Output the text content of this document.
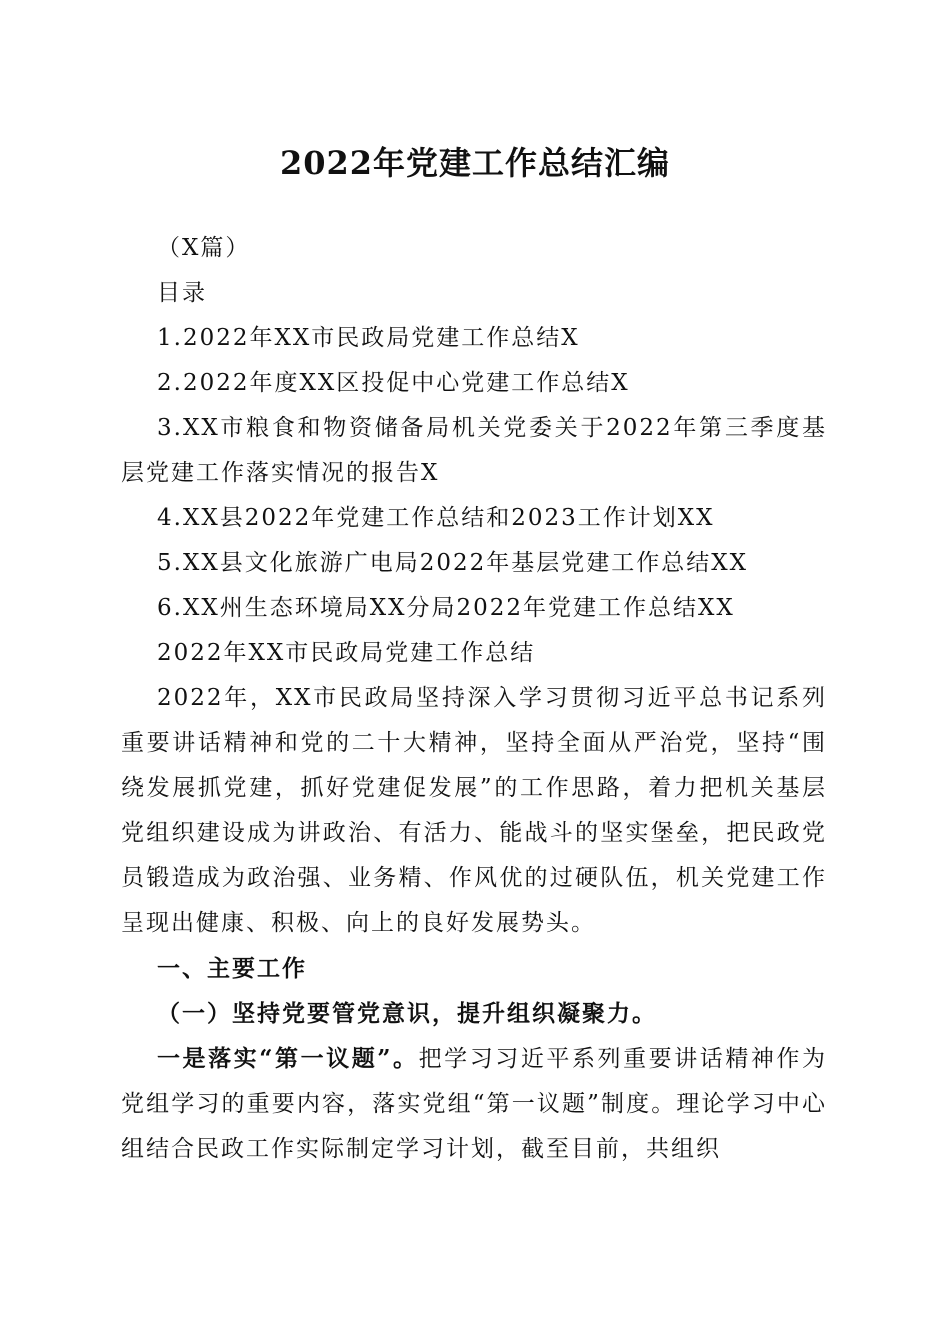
2022年党建工作总结汇编

（X篇）

目录

1.2022年XX市民政局党建工作总结X

2.2022年度XX区投促中心党建工作总结X

3.XX市粮食和物资储备局机关党委关于2022年第三季度基层党建工作落实情况的报告X

4.XX县2022年党建工作总结和2023工作计划XX

5.XX县文化旅游广电局2022年基层党建工作总结XX

6.XX州生态环境局XX分局2022年党建工作总结XX

2022年XX市民政局党建工作总结

2022年，XX市民政局坚持深入学习贯彻习近平总书记系列重要讲话精神和党的二十大精神，坚持全面从严治党，坚持“围绕发展抓党建，抓好党建促发展”的工作思路，着力把机关基层党组织建设成为讲政治、有活力、能战斗的坚实堡垒，把民政党员锻造成为政治强、业务精、作风优的过硬队伍，机关党建工作呈现出健康、积极、向上的良好发展势头。

一、主要工作

（一）坚持党要管党意识，提升组织凝聚力。

一是落实“第一议题”。把学习习近平系列重要讲话精神作为党组学习的重要内容，落实党组“第一议题”制度。理论学习中心组结合民政工作实际制定学习计划，截至目前，共组织
